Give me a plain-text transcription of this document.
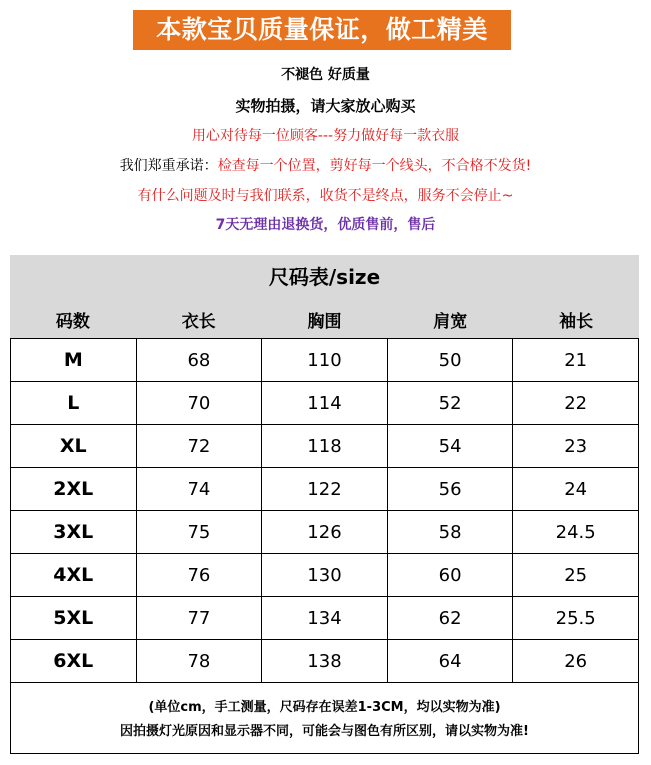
本款宝贝质量保证，做工精美
不褪色 好质量
实物拍摄，请大家放心购买
用心对待每一位顾客---努力做好每一款衣服
我们郑重承诺：检查每一个位置，剪好每一个线头，不合格不发货!
有什么问题及时与我们联系，收货不是终点，服务不会停止~
7天无理由退换货，优质售前，售后
尺码表/size
码数	衣长	胸围	肩宽	袖长
M	68	110	50	21
L	70	114	52	22
XL	72	118	54	23
2XL	74	122	56	24
3XL	75	126	58	24.5
4XL	76	130	60	25
5XL	77	134	62	25.5
6XL	78	138	64	26
(单位cm，手工测量，尺码存在误差1-3CM，均以实物为准)
因拍摄灯光原因和显示器不同，可能会与图色有所区别，请以实物为准!
